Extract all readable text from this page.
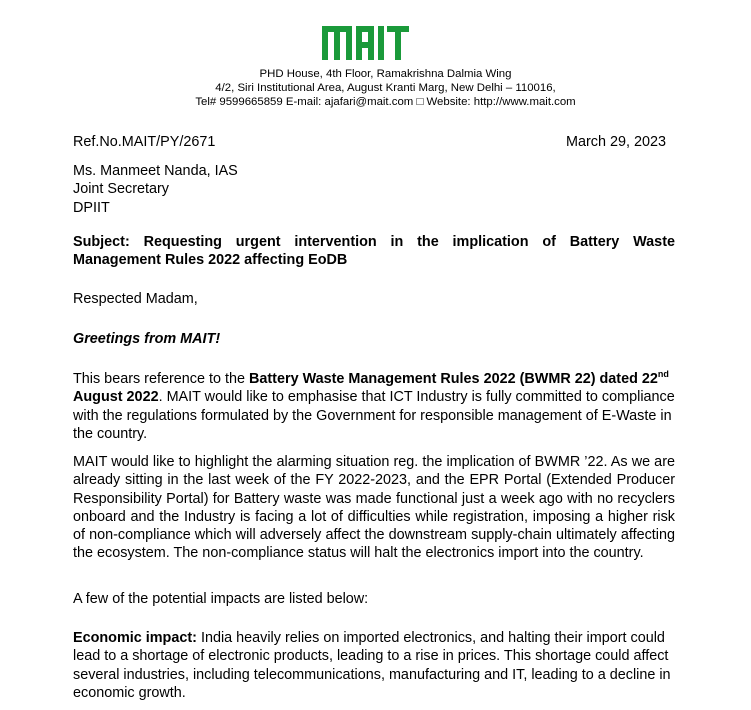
PHD House, 4th Floor, Ramakrishna Dalmia Wing
4/2, Siri Institutional Area, August Kranti Marg, New Delhi – 110016,
Tel# 9599665859 E-mail: ajafari@mait.com □ Website: http://www.mait.com
Ref.No.MAIT/PY/2671	March 29, 2023
Ms. Manmeet Nanda, IAS
Joint Secretary
DPIIT
Subject: Requesting urgent intervention in the implication of Battery Waste Management Rules 2022 affecting EoDB
Respected Madam,
Greetings from MAIT!
This bears reference to the Battery Waste Management Rules 2022 (BWMR 22) dated 22nd August 2022. MAIT would like to emphasise that ICT Industry is fully committed to compliance with the regulations formulated by the Government for responsible management of E-Waste in the country.
MAIT would like to highlight the alarming situation reg. the implication of BWMR ’22. As we are already sitting in the last week of the FY 2022-2023, and the EPR Portal (Extended Producer Responsibility Portal) for Battery waste was made functional just a week ago with no recyclers onboard and the Industry is facing a lot of difficulties while registration, imposing a higher risk of non-compliance which will adversely affect the downstream supply-chain ultimately affecting the ecosystem. The non-compliance status will halt the electronics import into the country.
A few of the potential impacts are listed below:
Economic impact: India heavily relies on imported electronics, and halting their import could lead to a shortage of electronic products, leading to a rise in prices. This shortage could affect several industries, including telecommunications, manufacturing and IT, leading to a decline in economic growth.
